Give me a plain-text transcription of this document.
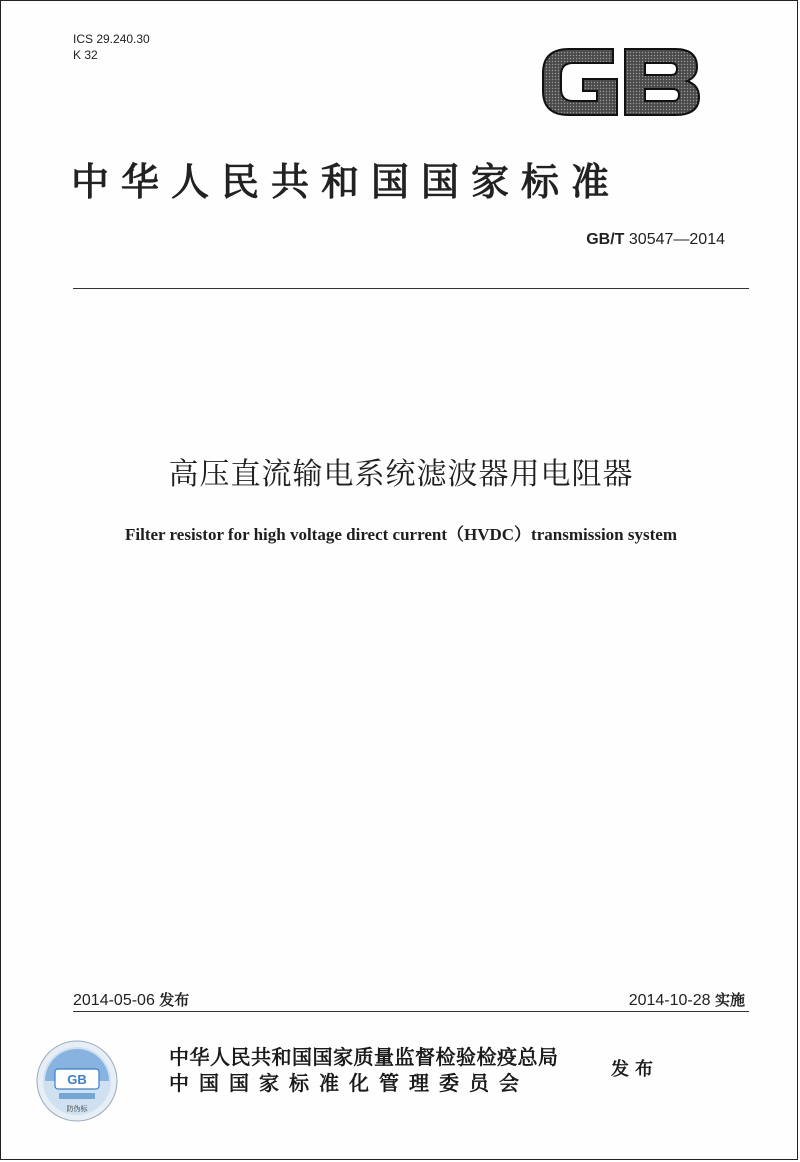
ICS 29.240.30
K 32
中华人民共和国国家标准
GB/T 30547—2014
高压直流输电系统滤波器用电阻器
Filter resistor for high voltage direct current（HVDC）transmission system
2014-05-06 发布	2014-10-28 实施
GB
防伪标
中华人民共和国国家质量监督检验检疫总局
中国国家标准化管理委员会
发布
